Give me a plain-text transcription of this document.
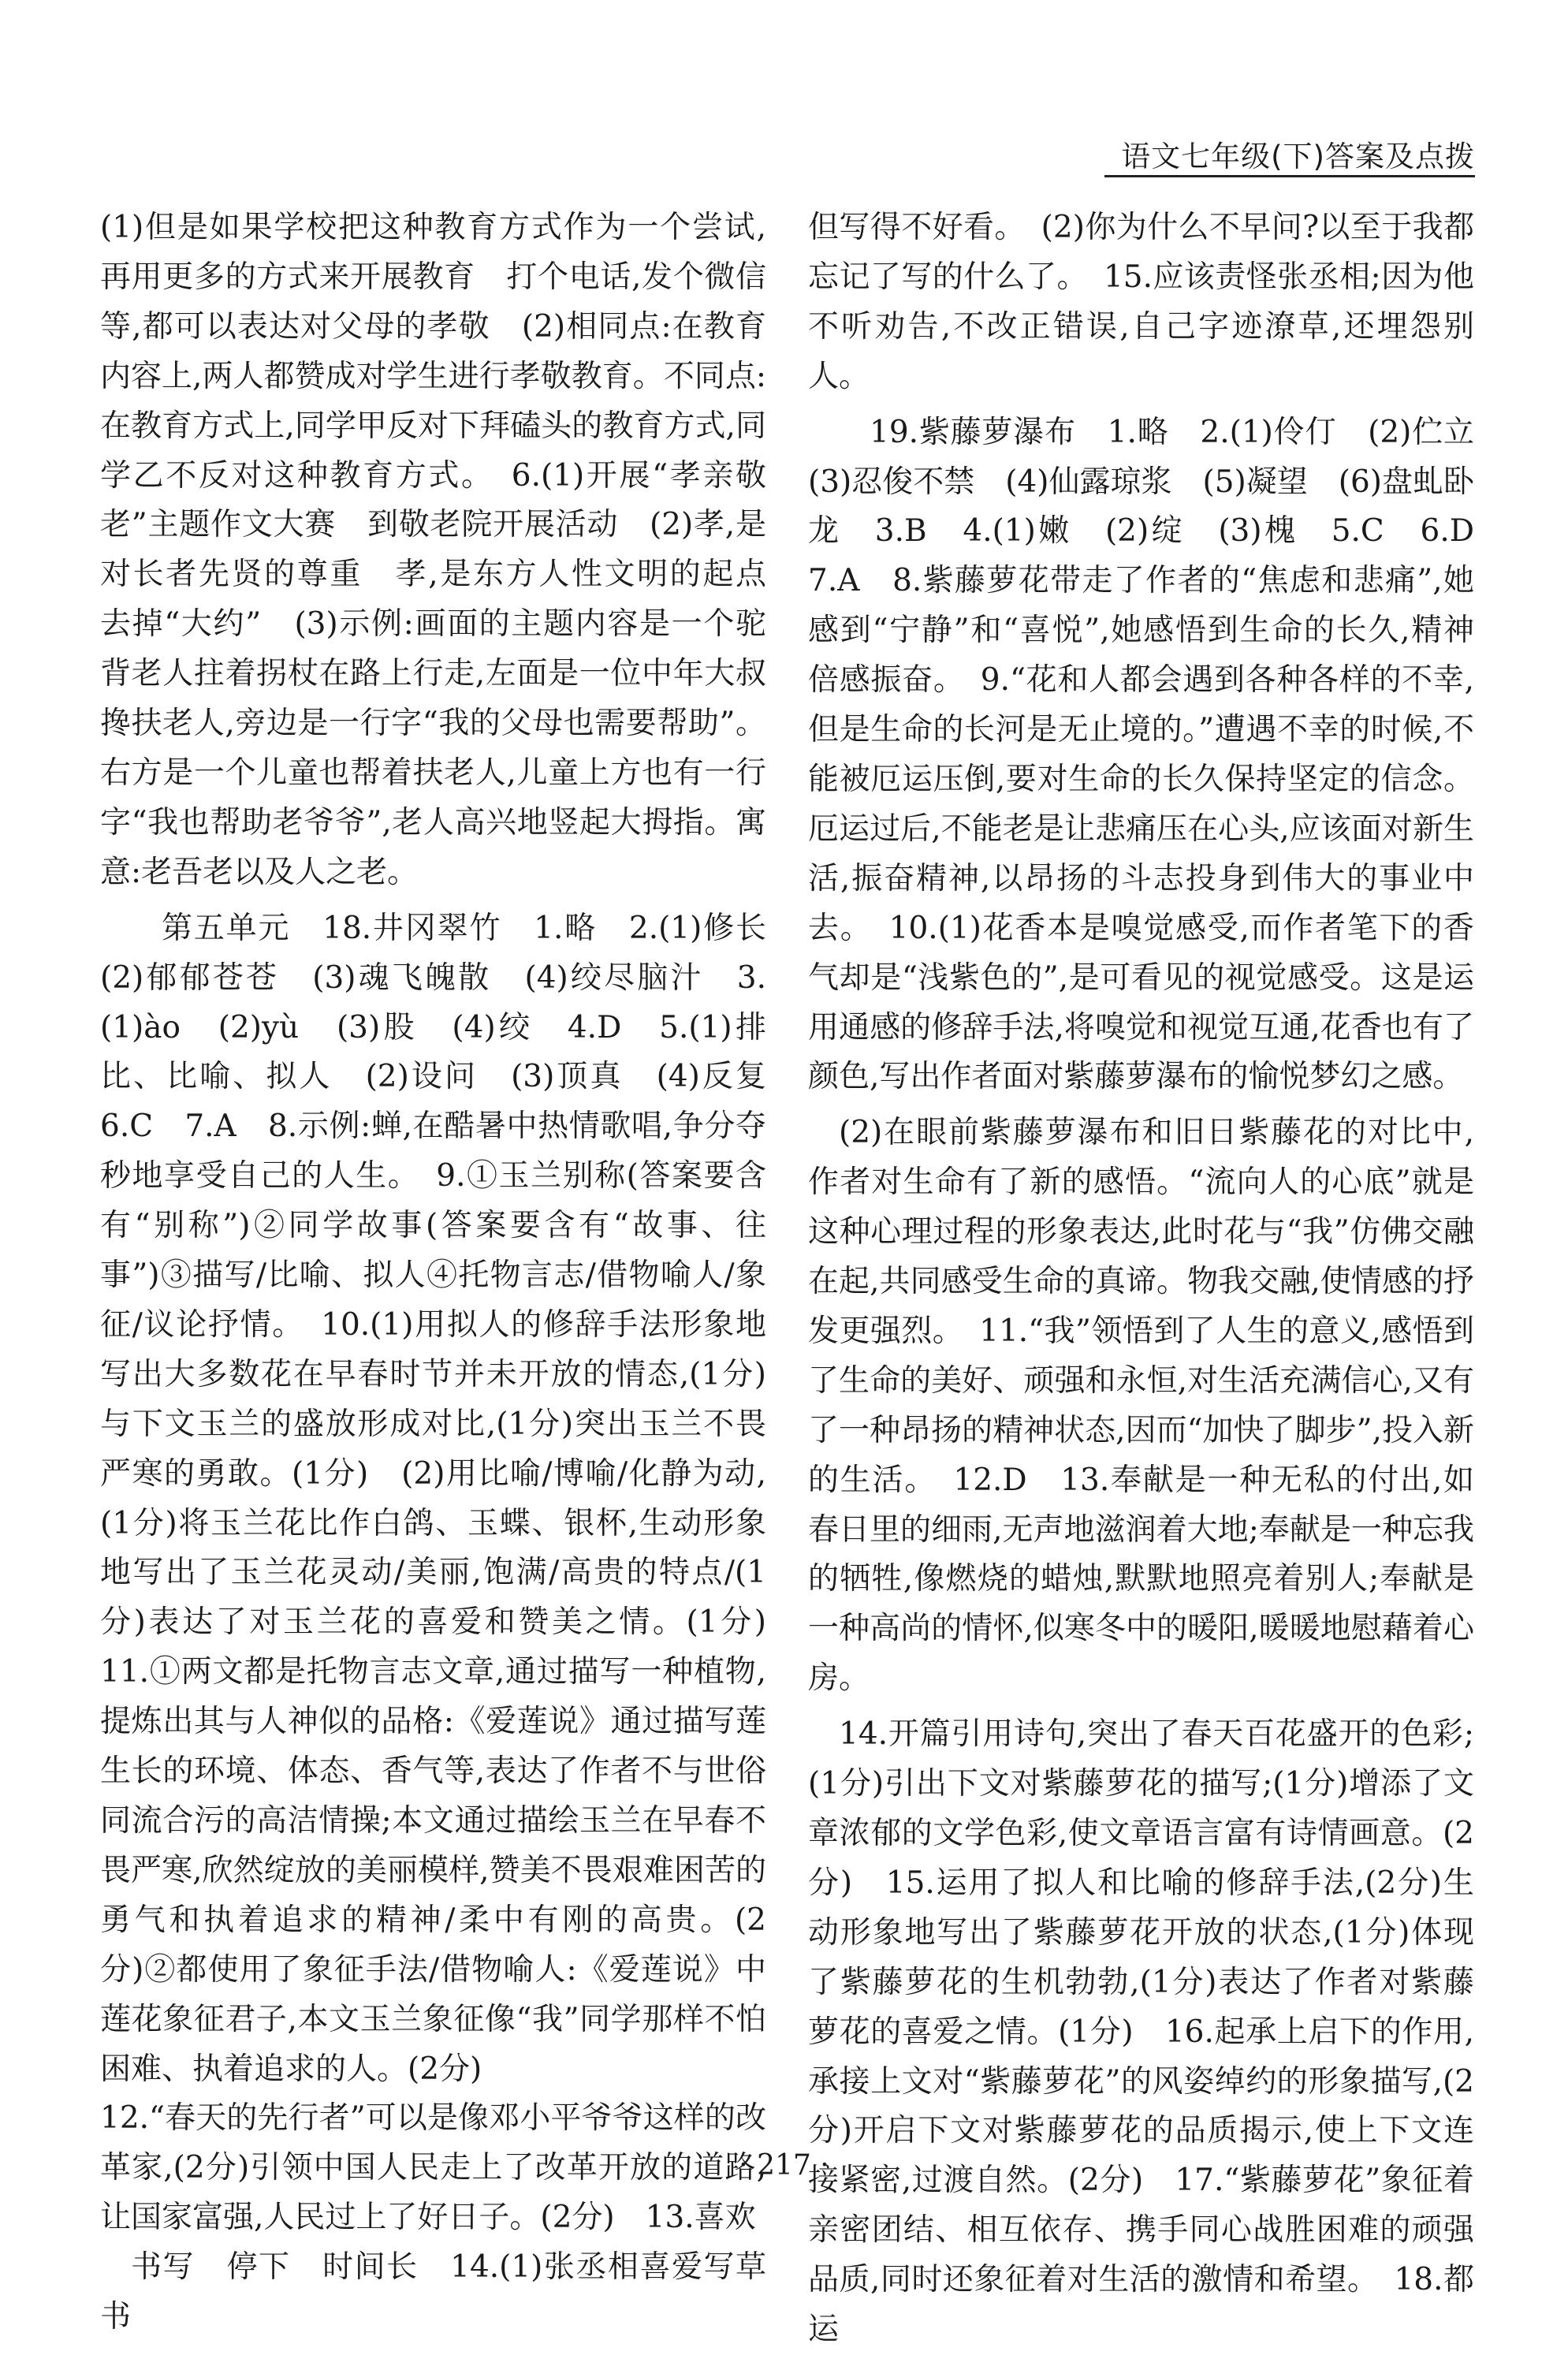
语文七年级(下)答案及点拨

(1)但是如果学校把这种教育方式作为一个尝试,再用更多的方式来开展教育　打个电话,发个微信等,都可以表达对父母的孝敬　(2)相同点:在教育内容上,两人都赞成对学生进行孝敬教育。不同点:在教育方式上,同学甲反对下拜磕头的教育方式,同学乙不反对这种教育方式。　6.(1)开展“孝亲敬老”主题作文大赛　到敬老院开展活动　(2)孝,是对长者先贤的尊重　孝,是东方人性文明的起点　去掉“大约”　(3)示例:画面的主题内容是一个驼背老人拄着拐杖在路上行走,左面是一位中年大叔搀扶老人,旁边是一行字“我的父母也需要帮助”。右方是一个儿童也帮着扶老人,儿童上方也有一行字“我也帮助老爷爷”,老人高兴地竖起大拇指。寓意:老吾老以及人之老。

第五单元　18.井冈翠竹　1.略　2.(1)修长　(2)郁郁苍苍　(3)魂飞魄散　(4)绞尽脑汁　3.(1)ào　(2)yù　(3)股　(4)绞　4.D　5.(1)排比、比喻、拟人　(2)设问　(3)顶真　(4)反复　6.C　7.A　8.示例:蝉,在酷暑中热情歌唱,争分夺秒地享受自己的人生。　9.①玉兰别称(答案要含有“别称”)②同学故事(答案要含有“故事、往事”)③描写/比喻、拟人④托物言志/借物喻人/象征/议论抒情。　10.(1)用拟人的修辞手法形象地写出大多数花在早春时节并未开放的情态,(1分)与下文玉兰的盛放形成对比,(1分)突出玉兰不畏严寒的勇敢。(1分)　(2)用比喻/博喻/化静为动,(1分)将玉兰花比作白鸽、玉蝶、银杯,生动形象地写出了玉兰花灵动/美丽,饱满/高贵的特点/(1分)表达了对玉兰花的喜爱和赞美之情。(1分)　11.①两文都是托物言志文章,通过描写一种植物,提炼出其与人神似的品格:《爱莲说》通过描写莲生长的环境、体态、香气等,表达了作者不与世俗同流合污的高洁情操;本文通过描绘玉兰在早春不畏严寒,欣然绽放的美丽模样,赞美不畏艰难困苦的勇气和执着追求的精神/柔中有刚的高贵。(2分)②都使用了象征手法/借物喻人:《爱莲说》中莲花象征君子,本文玉兰象征像“我”同学那样不怕困难、执着追求的人。(2分)

12.“春天的先行者”可以是像邓小平爷爷这样的改革家,(2分)引领中国人民走上了改革开放的道路,让国家富强,人民过上了好日子。(2分)　13.喜欢

书写　停下　时间长　14.(1)张丞相喜爱写草书

但写得不好看。　(2)你为什么不早问?以至于我都忘记了写的什么了。　15.应该责怪张丞相;因为他不听劝告,不改正错误,自己字迹潦草,还埋怨别人。

19.紫藤萝瀑布　1.略　2.(1)伶仃　(2)伫立　(3)忍俊不禁　(4)仙露琼浆　(5)凝望　(6)盘虬卧龙　3.B　4.(1)嫩　(2)绽　(3)槐　5.C　6.D　7.A　8.紫藤萝花带走了作者的“焦虑和悲痛”,她感到“宁静”和“喜悦”,她感悟到生命的长久,精神倍感振奋。　9.“花和人都会遇到各种各样的不幸,但是生命的长河是无止境的。”遭遇不幸的时候,不能被厄运压倒,要对生命的长久保持坚定的信念。厄运过后,不能老是让悲痛压在心头,应该面对新生活,振奋精神,以昂扬的斗志投身到伟大的事业中去。　10.(1)花香本是嗅觉感受,而作者笔下的香气却是“浅紫色的”,是可看见的视觉感受。这是运用通感的修辞手法,将嗅觉和视觉互通,花香也有了颜色,写出作者面对紫藤萝瀑布的愉悦梦幻之感。

(2)在眼前紫藤萝瀑布和旧日紫藤花的对比中,作者对生命有了新的感悟。“流向人的心底”就是这种心理过程的形象表达,此时花与“我”仿佛交融在起,共同感受生命的真谛。物我交融,使情感的抒发更强烈。　11.“我”领悟到了人生的意义,感悟到了生命的美好、顽强和永恒,对生活充满信心,又有了一种昂扬的精神状态,因而“加快了脚步”,投入新的生活。　12.D　13.奉献是一种无私的付出,如春日里的细雨,无声地滋润着大地;奉献是一种忘我的牺牲,像燃烧的蜡烛,默默地照亮着别人;奉献是一种高尚的情怀,似寒冬中的暖阳,暖暖地慰藉着心房。

14.开篇引用诗句,突出了春天百花盛开的色彩;(1分)引出下文对紫藤萝花的描写;(1分)增添了文章浓郁的文学色彩,使文章语言富有诗情画意。(2分)　15.运用了拟人和比喻的修辞手法,(2分)生动形象地写出了紫藤萝花开放的状态,(1分)体现了紫藤萝花的生机勃勃,(1分)表达了作者对紫藤萝花的喜爱之情。(1分)　16.起承上启下的作用,承接上文对“紫藤萝花”的风姿绰约的形象描写,(2分)开启下文对紫藤萝花的品质揭示,使上下文连接紧密,过渡自然。(2分)　17.“紫藤萝花”象征着亲密团结、相互依存、携手同心战胜困难的顽强品质,同时还象征着对生活的激情和希望。　18.都运

· 217 ·
